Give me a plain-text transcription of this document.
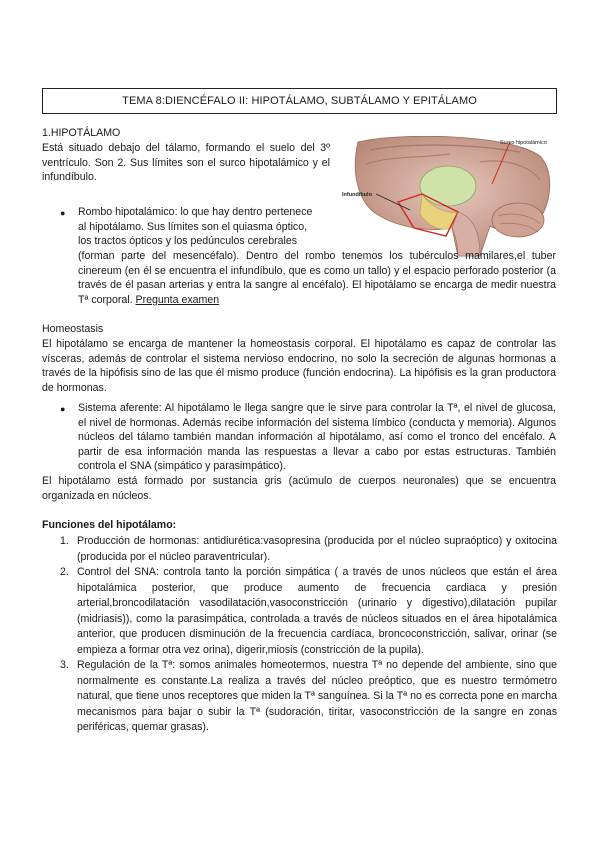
TEMA 8:DIENCÉFALO II: HIPOTÁLAMO, SUBTÁLAMO Y EPITÁLAMO

1.HIPOTÁLAMO

Está situado debajo del tálamo, formando el suelo del 3º ventrículo. Son 2. Sus límites son el surco hipotalámico y el infundíbulo.

Surco hipotalámico
Infundíbulo
● Rombo hipotalámico: lo que hay dentro pertenece

al hipotálamo. Sus límites son el quiasma óptico,

los tractos ópticos y los pedúnculos cerebrales

(forman parte del mesencéfalo). Dentro del rombo tenemos los tubérculos mamilares,el tuber cinereum (en él se encuentra el infundíbulo, que es como un tallo) y el espacio perforado posterior (a través de él pasan arterias y entra la sangre al encéfalo). El hipotálamo se encarga de medir nuestra Tª corporal. Pregunta examen

Homeostasis

El hipotálamo se encarga de mantener la homeostasis corporal. El hipotálamo es capaz de controlar las vísceras, además de controlar el sistema nervioso endocrino, no solo la secreción de algunas hormonas a través de la hipófisis sino de las que él mismo produce (función endocrina). La hipófisis es la gran productora de hormonas.

● Sistema aferente: Al hipotálamo le llega sangre que le sirve para controlar la Tª, el nivel de glucosa, el nivel de hormonas. Además recibe información del sistema límbico (conducta y memoria). Algunos núcleos del tálamo también mandan información al hipotálamo, así como el tronco del encéfalo. A partir de esa información manda las respuestas a llevar a cabo por estas estructuras. También controla el SNA (simpático y parasimpático).

El hipotálamo está formado por sustancia gris (acúmulo de cuerpos neuronales) que se encuentra organizada en núcleos.

Funciones del hipotálamo:

1. Producción de hormonas: antidiurética:vasopresina (producida por el núcleo supraóptico) y oxitocina (producida por el núcleo paraventricular).
2. Control del SNA: controla tanto la porción simpática ( a través de unos núcleos que están el área hipotalámica posterior, que produce aumento de frecuencia cardiaca y presión arterial,broncodilatación vasodilatación,vasoconstricción (urinario y digestivo),dilatación pupilar (midriasis)), como la parasimpática, controlada a través de núcleos situados en el área hipotalámica anterior, que producen disminución de la frecuencia cardíaca, broncoconstricción, salivar, orinar (se empieza a formar otra vez orina), digerir,miosis (constricción de la pupila).
3. Regulación de la Tª: somos animales homeotermos, nuestra Tª no depende del ambiente, sino que normalmente es constante.La realiza a través del núcleo preóptico, que es nuestro termómetro natural, que tiene unos receptores que miden la Tª sanguínea. Si la Tª no es correcta pone en marcha mecanismos para bajar o subir la Tª (sudoración, tiritar, vasoconstricción de la sangre en zonas periféricas, quemar grasas).
